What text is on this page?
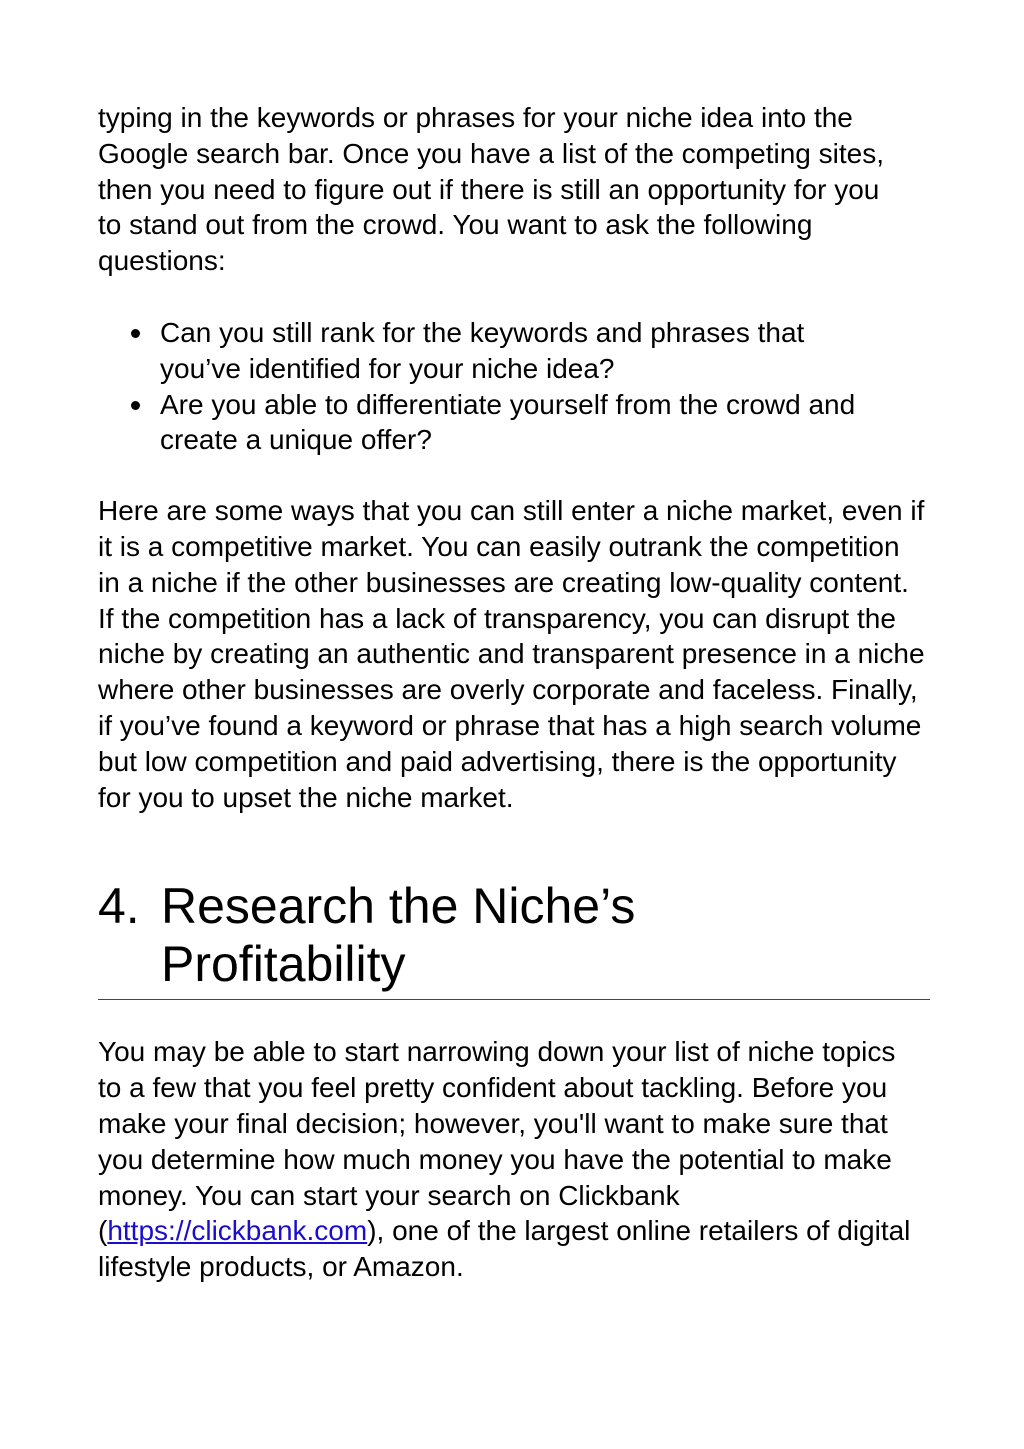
typing in the keywords or phrases for your niche idea into the Google search bar. Once you have a list of the competing sites, then you need to figure out if there is still an opportunity for you to stand out from the crowd. You want to ask the following questions:

Can you still rank for the keywords and phrases that you’ve identified for your niche idea?
Are you able to differentiate yourself from the crowd and create a unique offer?

Here are some ways that you can still enter a niche market, even if it is a competitive market. You can easily outrank the competition in a niche if the other businesses are creating low-quality content. If the competition has a lack of transparency, you can disrupt the niche by creating an authentic and transparent presence in a niche where other businesses are overly corporate and faceless. Finally, if you’ve found a keyword or phrase that has a high search volume but low competition and paid advertising, there is the opportunity for you to upset the niche market.

4. Research the Niche’s Profitability

You may be able to start narrowing down your list of niche topics to a few that you feel pretty confident about tackling. Before you make your final decision; however, you'll want to make sure that you determine how much money you have the potential to make money. You can start your search on Clickbank (https://clickbank.com), one of the largest online retailers of digital lifestyle products, or Amazon.
